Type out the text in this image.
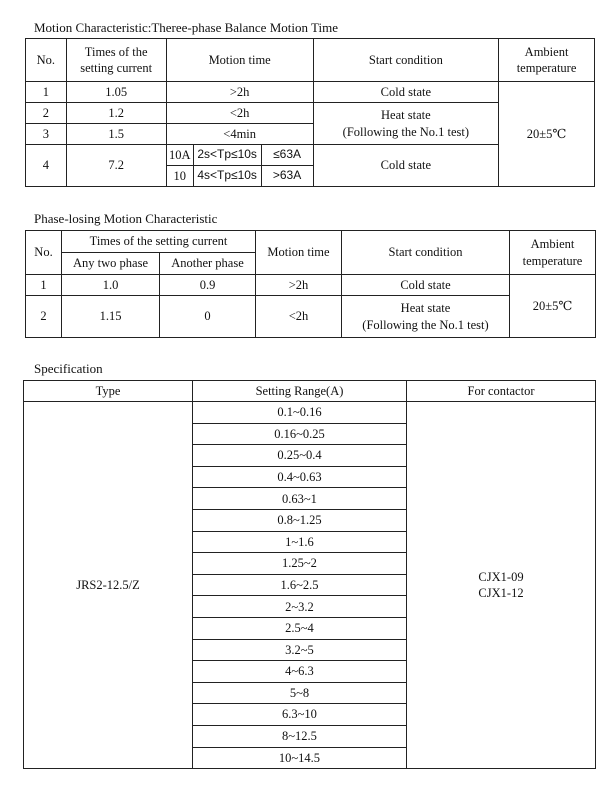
Motion Characteristic:Thereе-phase Balance Motion Time
No.	Times of the
setting current	Motion time			Start condition	Ambient
temperature

1	1.05	>2h			Cold state	20±5℃
2	1.2	<2h			Heat state
(Following the No.1 test)	

3	1.5	<4min				
4	7.2	10A	2s<Tp≤10s	≤63A	Cold state	
		10	4s<Tp≤10s	>63A		
Phase-losing Motion Characteristic
No.	Times of the setting current		Motion time	Start condition	Ambient
temperature

	Any two phase	Another phase			
1	1.0	0.9	>2h	Cold state	20±5℃
2	1.15	0	<2h	Heat state
(Following the No.1 test)	
Specification
Type	Setting Range(A)	For contactor
JRS2-12.5/Z	0.1~0.16	CJX1-09
CJX1-12

	0.16~0.25	
	0.25~0.4	
	0.4~0.63	
	0.63~1	
	0.8~1.25	
	1~1.6	
	1.25~2	
	1.6~2.5	
	2~3.2	
	2.5~4	
	3.2~5	
	4~6.3	
	5~8	
	6.3~10	
	8~12.5	
	10~14.5	
